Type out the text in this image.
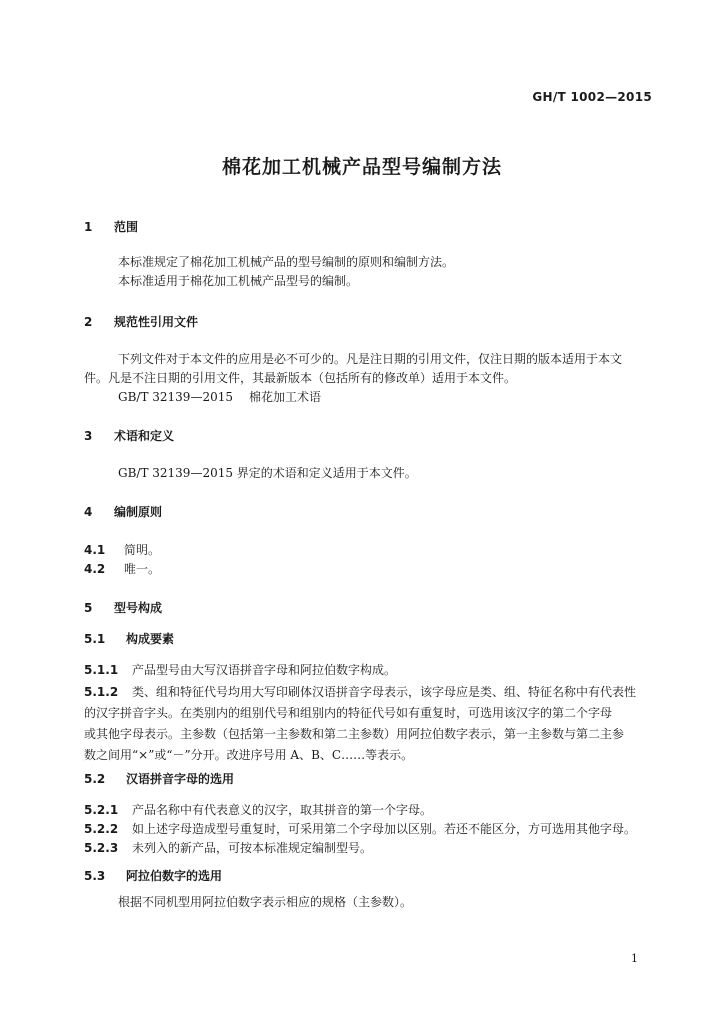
GH/T 1002—2015
棉花加工机械产品型号编制方法
1 范围
本标准规定了棉花加工机械产品的型号编制的原则和编制方法。
本标准适用于棉花加工机械产品型号的编制。
2 规范性引用文件
下列文件对于本文件的应用是必不可少的。凡是注日期的引用文件，仅注日期的版本适用于本文
件。凡是不注日期的引用文件，其最新版本（包括所有的修改单）适用于本文件。
GB/T 32139—2015 棉花加工术语
3 术语和定义
GB/T 32139—2015 界定的术语和定义适用于本文件。
4 编制原则
4.1 简明。
4.2 唯一。
5 型号构成
5.1 构成要素
5.1.1 产品型号由大写汉语拼音字母和阿拉伯数字构成。
5.1.2 类、组和特征代号均用大写印刷体汉语拼音字母表示，该字母应是类、组、特征名称中有代表性
的汉字拼音字头。在类别内的组别代号和组别内的特征代号如有重复时，可选用该汉字的第二个字母
或其他字母表示。主参数（包括第一主参数和第二主参数）用阿拉伯数字表示，第一主参数与第二主参
数之间用“×”或“－”分开。改进序号用 A、B、C……等表示。
5.2 汉语拼音字母的选用
5.2.1 产品名称中有代表意义的汉字，取其拼音的第一个字母。
5.2.2 如上述字母造成型号重复时，可采用第二个字母加以区别。若还不能区分，方可选用其他字母。
5.2.3 未列入的新产品，可按本标准规定编制型号。
5.3 阿拉伯数字的选用
根据不同机型用阿拉伯数字表示相应的规格（主参数）。
1
